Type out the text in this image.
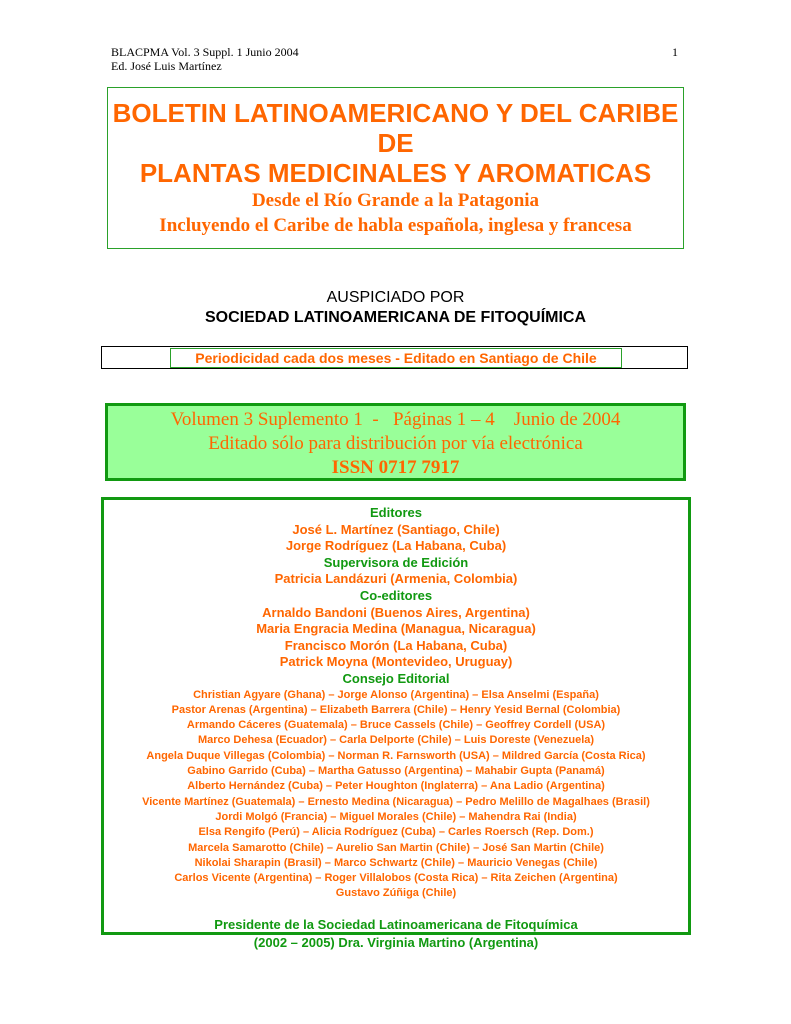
BLACPMA Vol. 3 Suppl. 1 Junio 2004
Ed. José Luis Martínez
1
BOLETIN LATINOAMERICANO Y DEL CARIBE
DE
PLANTAS MEDICINALES Y AROMATICAS
Desde el Río Grande a la Patagonia
Incluyendo el Caribe de habla española, inglesa y francesa
AUSPICIADO POR
SOCIEDAD LATINOAMERICANA DE FITOQUÍMICA
Periodicidad cada dos meses - Editado en Santiago de Chile
Volumen 3 Suplemento 1  -   Páginas 1 – 4    Junio de 2004
Editado sólo para distribución por vía electrónica
ISSN 0717 7917
Editores
José L. Martínez (Santiago, Chile)
Jorge Rodríguez (La Habana, Cuba)
Supervisora de Edición
Patricia Landázuri (Armenia, Colombia)
Co-editores
Arnaldo Bandoni (Buenos Aires, Argentina)
Maria Engracia Medina (Managua, Nicaragua)
Francisco Morón (La Habana, Cuba)
Patrick Moyna (Montevideo, Uruguay)
Consejo Editorial
Christian Agyare (Ghana) – Jorge Alonso (Argentina) – Elsa Anselmi (España)
Pastor Arenas (Argentina) – Elizabeth Barrera (Chile) – Henry Yesid Bernal (Colombia)
Armando Cáceres (Guatemala) – Bruce Cassels (Chile) – Geoffrey Cordell (USA)
Marco Dehesa (Ecuador) – Carla Delporte (Chile) – Luis Doreste (Venezuela)
Angela Duque Villegas (Colombia) – Norman R. Farnsworth (USA) – Mildred García (Costa Rica)
Gabino Garrido (Cuba) – Martha Gatusso (Argentina) – Mahabir Gupta (Panamá)
Alberto Hernández (Cuba) – Peter Houghton (Inglaterra) – Ana Ladio (Argentina)
Vicente Martínez (Guatemala) – Ernesto Medina (Nicaragua) – Pedro Melillo de Magalhaes (Brasil)
Jordi Molgó (Francia) – Miguel Morales (Chile) – Mahendra Rai (India)
Elsa Rengifo (Perú) – Alicia Rodríguez (Cuba) – Carles Roersch (Rep. Dom.)
Marcela Samarotto (Chile) – Aurelio San Martin (Chile) – José San Martin (Chile)
Nikolai Sharapin (Brasil) – Marco Schwartz (Chile) – Mauricio Venegas (Chile)
Carlos Vicente (Argentina) – Roger Villalobos (Costa Rica) – Rita Zeichen (Argentina)
Gustavo Zúñiga (Chile)
Presidente de la Sociedad Latinoamericana de Fitoquímica
(2002 – 2005) Dra. Virginia Martino (Argentina)
